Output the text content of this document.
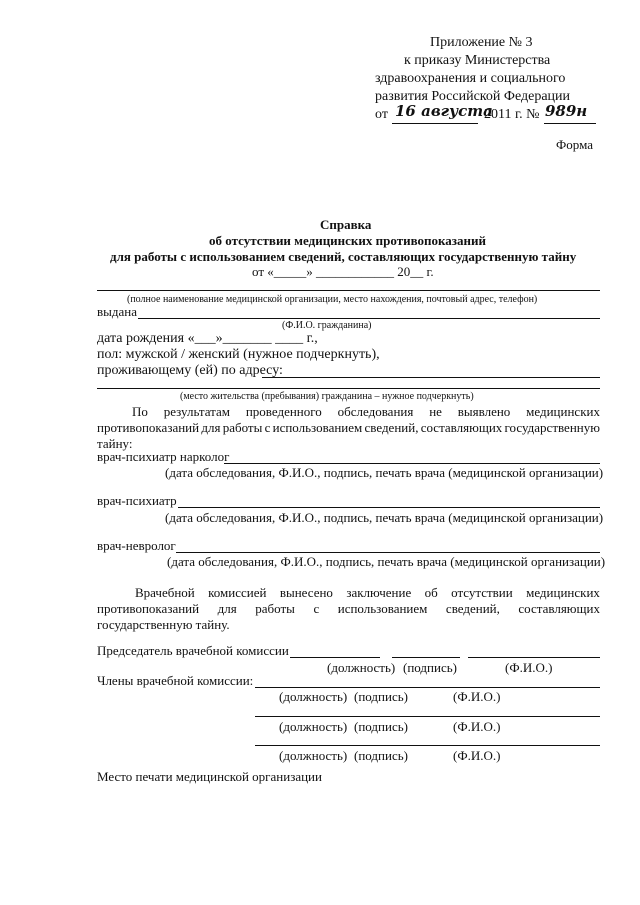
Приложение № 3
к приказу Министерства
здравоохранения и социального
развития Российской Федерации
от 16 августа
2011 г. № 989н
Форма
Справка
об отсутствии медицинских противопоказаний
для работы с использованием сведений, составляющих государственную тайну
от «_____» ____________ 20__ г.
(полное наименование медицинской организации, место нахождения, почтовый адрес, телефон)
выдана
(Ф.И.О. гражданина)
дата рождения «___»_______ ____ г.,
пол: мужской / женский (нужное подчеркнуть),
проживающему (ей) по адресу:
(место жительства (пребывания) гражданина – нужное подчеркнуть)
По результатам проведенного обследования не выявлено медицинских
противопоказаний для работы с использованием сведений, составляющих государственную
тайну:
врач-психиатр нарколог
(дата обследования, Ф.И.О., подпись, печать врача (медицинской организации)
врач-психиатр
(дата обследования, Ф.И.О., подпись, печать врача (медицинской организации)
врач-невролог
(дата обследования, Ф.И.О., подпись, печать врача (медицинской организации)
Врачебной комиссией вынесено заключение об отсутствии медицинских
противопоказаний для работы с использованием сведений, составляющих
государственную тайну.
Председатель врачебной комиссии
(должность) (подпись)	(Ф.И.О.)
Члены врачебной комиссии:
(должность) (подпись)	(Ф.И.О.)
(должность) (подпись)	(Ф.И.О.)
(должность) (подпись)	(Ф.И.О.)
Место печати медицинской организации
